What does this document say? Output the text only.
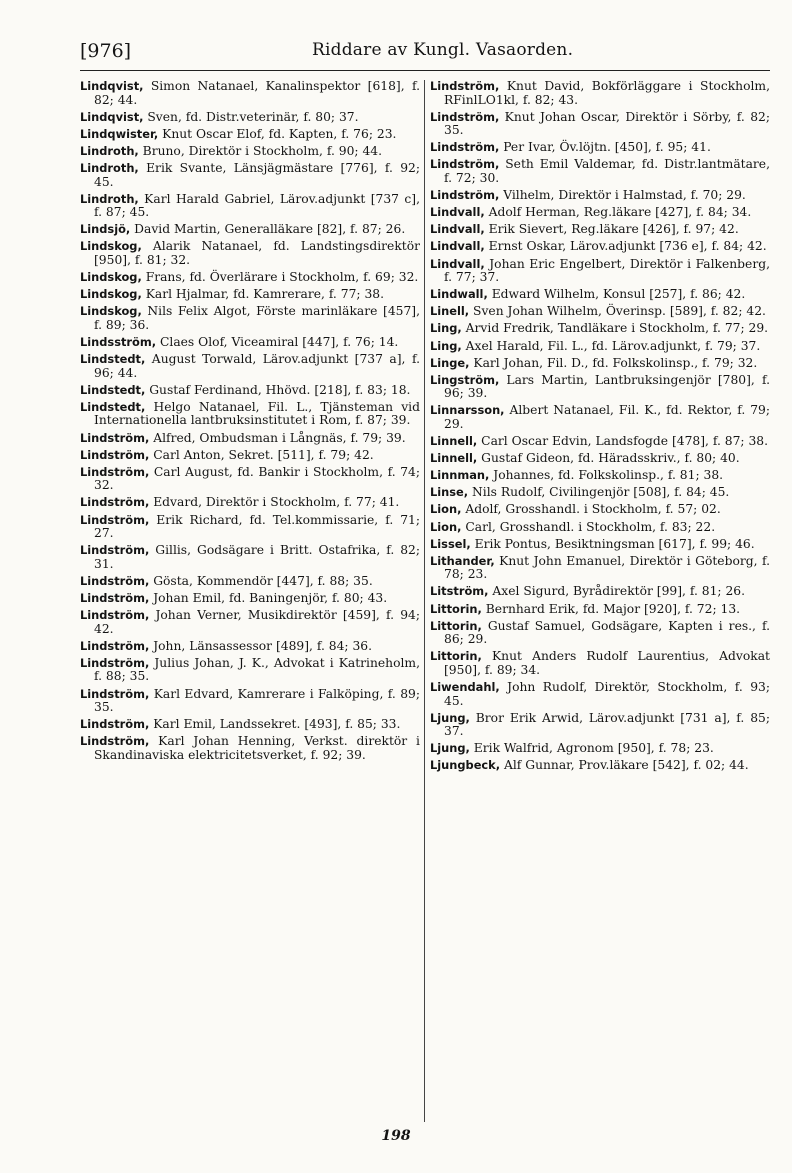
[976]	Riddare av Kungl. Vasaorden.

Lindqvist, Simon Natanael, Kanalinspektor [618], f. 82; 44.

Lindqvist, Sven, fd. Distr.veterinär, f. 80; 37.

Lindqwister, Knut Oscar Elof, fd. Kapten, f. 76; 23.

Lindroth, Bruno, Direktör i Stockholm, f. 90; 44.

Lindroth, Erik Svante, Länsjägmästare [776], f. 92; 45.

Lindroth, Karl Harald Gabriel, Lärov.adjunkt [737 c], f. 87; 45.

Lindsjö, David Martin, Generalläkare [82], f. 87; 26.

Lindskog, Alarik Natanael, fd. Landstingsdirektör [950], f. 81; 32.

Lindskog, Frans, fd. Överlärare i Stockholm, f. 69; 32.

Lindskog, Karl Hjalmar, fd. Kamrerare, f. 77; 38.

Lindskog, Nils Felix Algot, Förste marinläkare [457], f. 89; 36.

Lindsström, Claes Olof, Viceamiral [447], f. 76; 14.

Lindstedt, August Torwald, Lärov.adjunkt [737 a], f. 96; 44.

Lindstedt, Gustaf Ferdinand, Hhövd. [218], f. 83; 18.

Lindstedt, Helgo Natanael, Fil. L., Tjänsteman vid Internationella lantbruksinstitutet i Rom, f. 87; 39.

Lindström, Alfred, Ombudsman i Långnäs, f. 79; 39.

Lindström, Carl Anton, Sekret. [511], f. 79; 42.

Lindström, Carl August, fd. Bankir i Stockholm, f. 74; 32.

Lindström, Edvard, Direktör i Stockholm, f. 77; 41.

Lindström, Erik Richard, fd. Tel.kommissarie, f. 71; 27.

Lindström, Gillis, Godsägare i Britt. Ostafrika, f. 82; 31.

Lindström, Gösta, Kommendör [447], f. 88; 35.

Lindström, Johan Emil, fd. Baningenjör, f. 80; 43.

Lindström, Johan Verner, Musikdirektör [459], f. 94; 42.

Lindström, John, Länsassessor [489], f. 84; 36.

Lindström, Julius Johan, J. K., Advokat i Katrineholm, f. 88; 35.

Lindström, Karl Edvard, Kamrerare i Falköping, f. 89; 35.

Lindström, Karl Emil, Landssekret. [493], f. 85; 33.

Lindström, Karl Johan Henning, Verkst. direktör i Skandinaviska elektricitetsverket, f. 92; 39.

Lindström, Knut David, Bokförläggare i Stockholm, RFinlLO1kl, f. 82; 43.

Lindström, Knut Johan Oscar, Direktör i Sörby, f. 82; 35.

Lindström, Per Ivar, Öv.löjtn. [450], f. 95; 41.

Lindström, Seth Emil Valdemar, fd. Distr.lantmätare, f. 72; 30.

Lindström, Vilhelm, Direktör i Halmstad, f. 70; 29.

Lindvall, Adolf Herman, Reg.läkare [427], f. 84; 34.

Lindvall, Erik Sievert, Reg.läkare [426], f. 97; 42.

Lindvall, Ernst Oskar, Lärov.adjunkt [736 e], f. 84; 42.

Lindvall, Johan Eric Engelbert, Direktör i Falkenberg, f. 77; 37.

Lindwall, Edward Wilhelm, Konsul [257], f. 86; 42.

Linell, Sven Johan Wilhelm, Överinsp. [589], f. 82; 42.

Ling, Arvid Fredrik, Tandläkare i Stockholm, f. 77; 29.

Ling, Axel Harald, Fil. L., fd. Lärov.adjunkt, f. 79; 37.

Linge, Karl Johan, Fil. D., fd. Folkskolinsp., f. 79; 32.

Lingström, Lars Martin, Lantbruksingenjör [780], f. 96; 39.

Linnarsson, Albert Natanael, Fil. K., fd. Rektor, f. 79; 29.

Linnell, Carl Oscar Edvin, Landsfogde [478], f. 87; 38.

Linnell, Gustaf Gideon, fd. Häradsskriv., f. 80; 40.

Linnman, Johannes, fd. Folkskolinsp., f. 81; 38.

Linse, Nils Rudolf, Civilingenjör [508], f. 84; 45.

Lion, Adolf, Grosshandl. i Stockholm, f. 57; 02.

Lion, Carl, Grosshandl. i Stockholm, f. 83; 22.

Lissel, Erik Pontus, Besiktningsman [617], f. 99; 46.

Lithander, Knut John Emanuel, Direktör i Göteborg, f. 78; 23.

Litström, Axel Sigurd, Byrådirektör [99], f. 81; 26.

Littorin, Bernhard Erik, fd. Major [920], f. 72; 13.

Littorin, Gustaf Samuel, Godsägare, Kapten i res., f. 86; 29.

Littorin, Knut Anders Rudolf Laurentius, Advokat [950], f. 89; 34.

Liwendahl, John Rudolf, Direktör, Stockholm, f. 93; 45.

Ljung, Bror Erik Arwid, Lärov.adjunkt [731 a], f. 85; 37.

Ljung, Erik Walfrid, Agronom [950], f. 78; 23.

Ljungbeck, Alf Gunnar, Prov.läkare [542], f. 02; 44.

198
